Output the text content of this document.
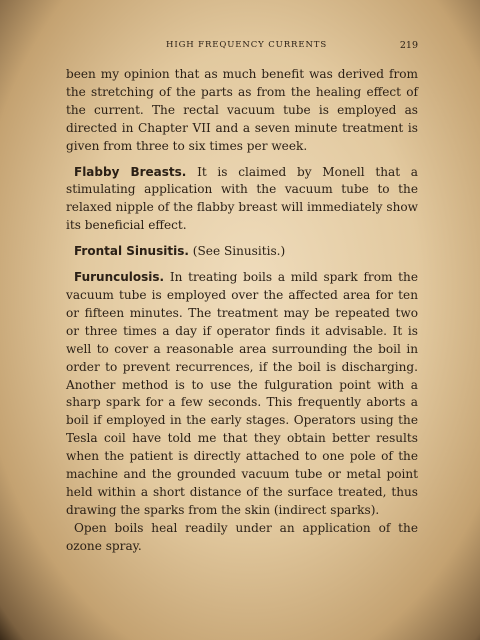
HIGH FREQUENCY CURRENTS	219

been my opinion that as much benefit was derived from the stretching of the parts as from the healing effect of the current. The rectal vacuum tube is employed as directed in Chapter VII and a seven minute treatment is given from three to six times per week.

Flabby Breasts. It is claimed by Monell that a stimulating application with the vacuum tube to the relaxed nipple of the flabby breast will immediately show its beneficial effect.

Frontal Sinusitis. (See Sinusitis.)

Furunculosis. In treating boils a mild spark from the vacuum tube is employed over the affected area for ten or fifteen minutes. The treatment may be repeated two or three times a day if operator finds it advisable. It is well to cover a reasonable area surrounding the boil in order to prevent recurrences, if the boil is discharging. Another method is to use the fulguration point with a sharp spark for a few seconds. This frequently aborts a boil if employed in the early stages. Operators using the Tesla coil have told me that they obtain better results when the patient is directly attached to one pole of the machine and the grounded vacuum tube or metal point held within a short distance of the surface treated, thus drawing the sparks from the skin (indirect sparks).

Open boils heal readily under an application of the ozone spray.
